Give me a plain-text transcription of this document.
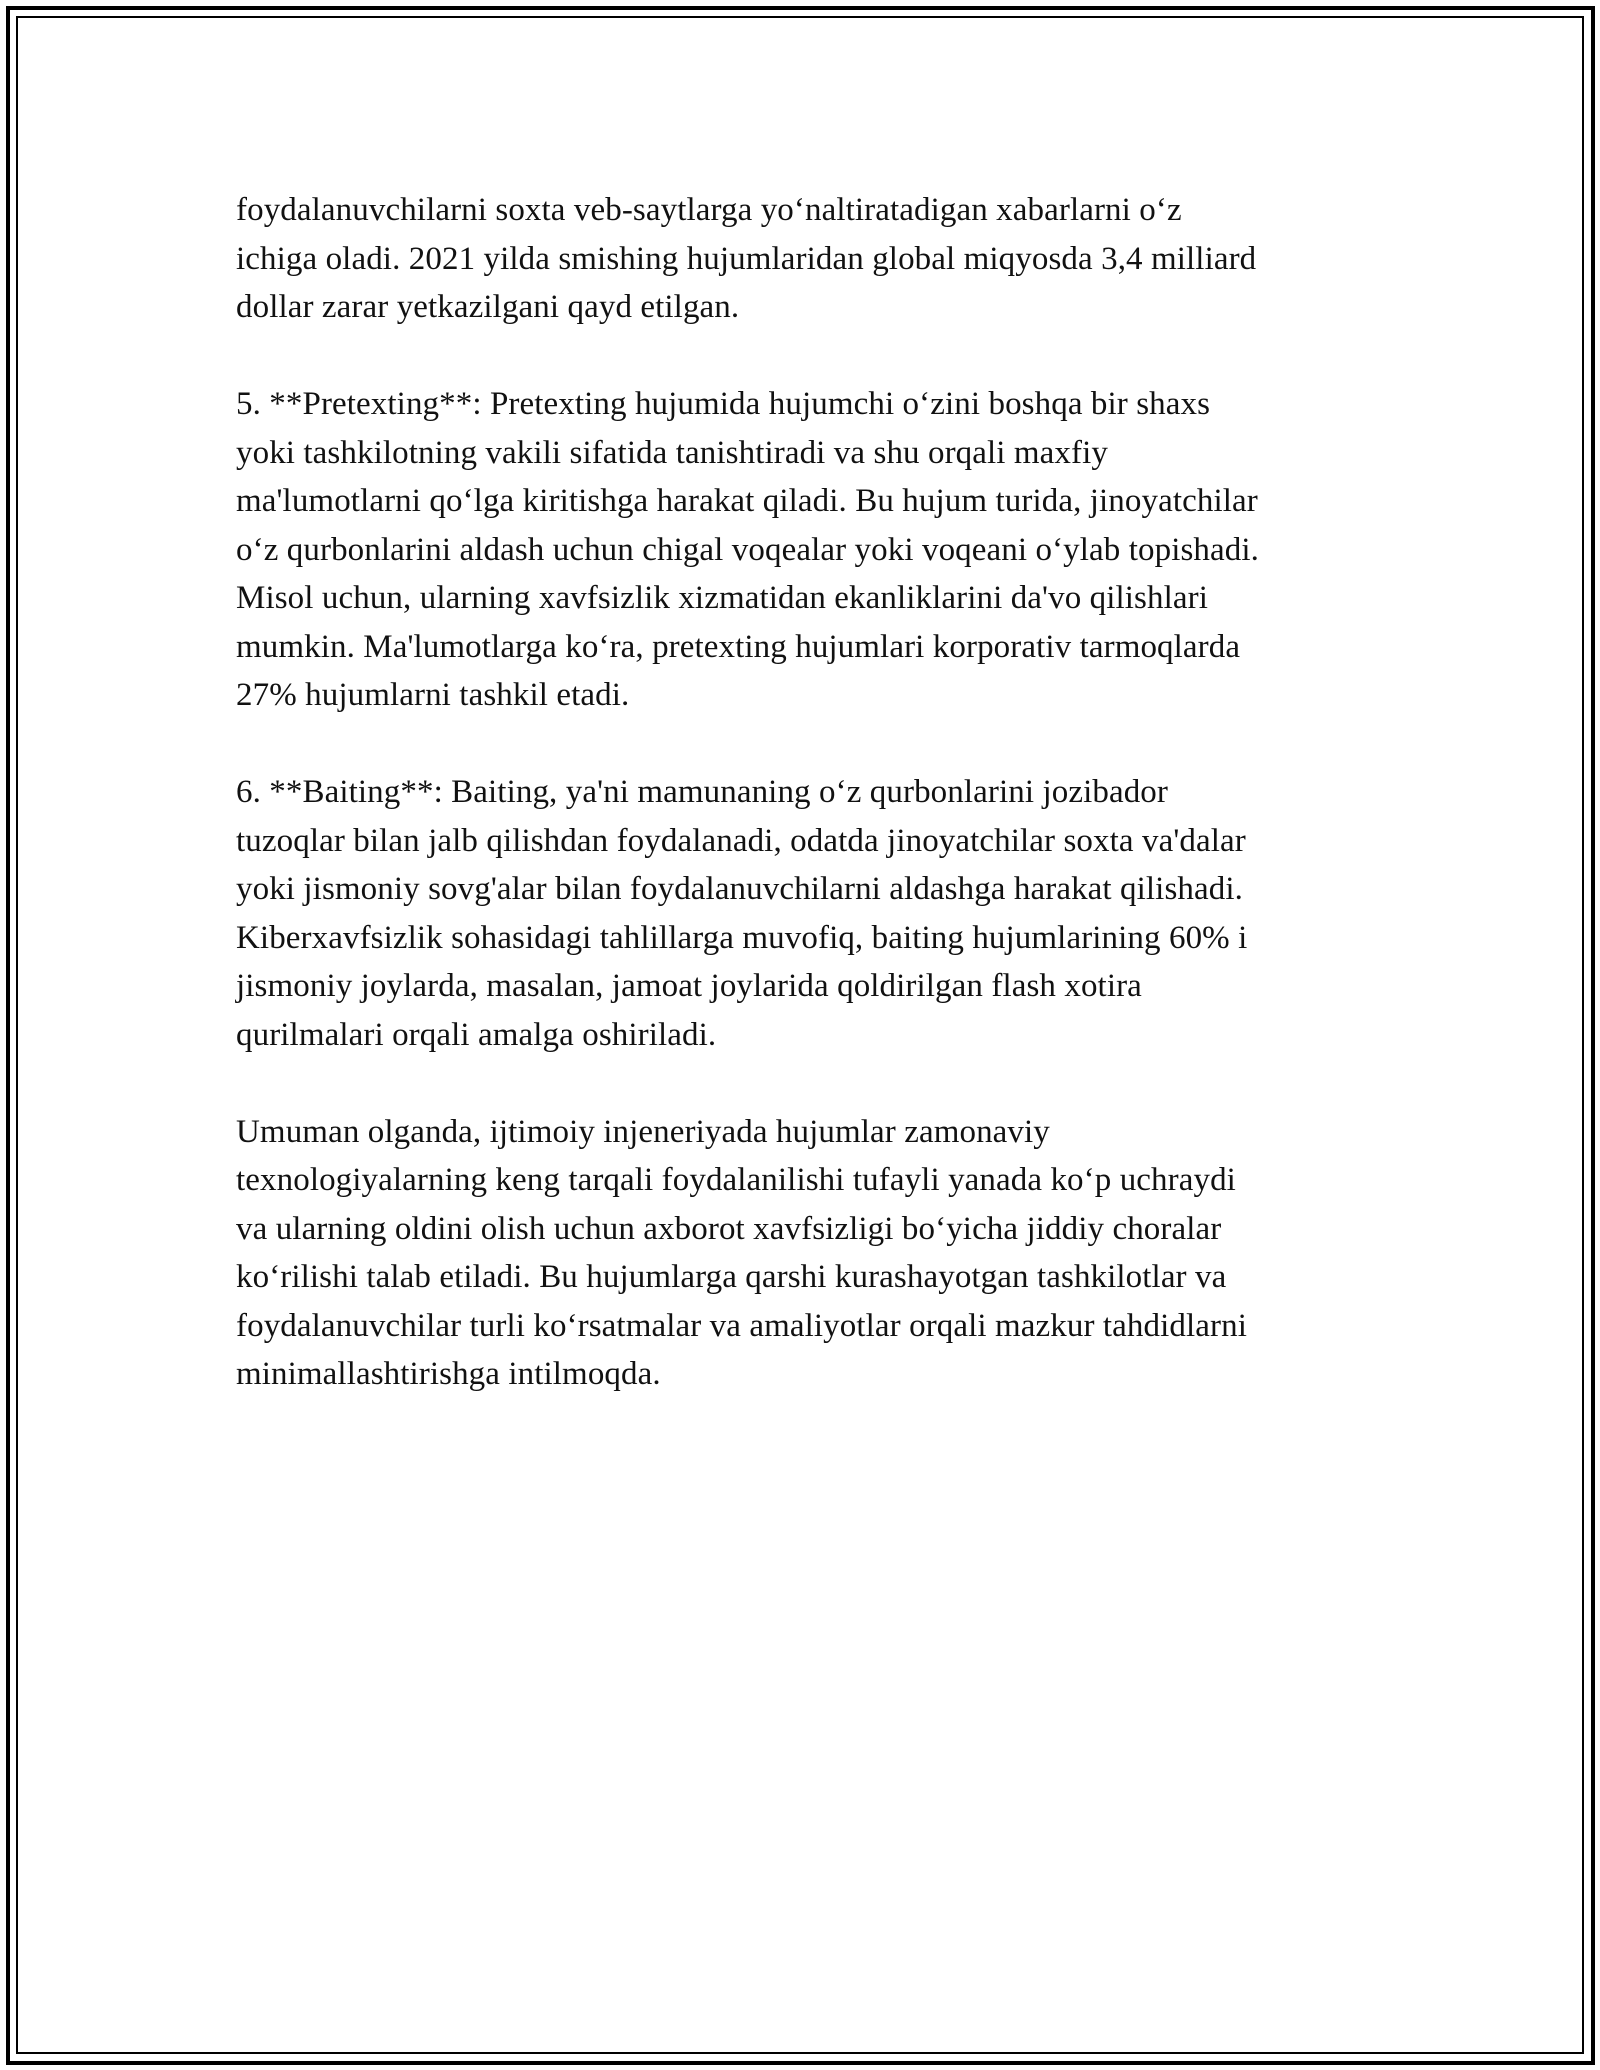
foydalanuvchilarni soxta veb-saytlarga yo‘naltiratadigan xabarlarni o‘z
ichiga oladi. 2021 yilda smishing hujumlaridan global miqyosda 3,4 milliard
dollar zarar yetkazilgani qayd etilgan.

5. **Pretexting**: Pretexting hujumida hujumchi o‘zini boshqa bir shaxs
yoki tashkilotning vakili sifatida tanishtiradi va shu orqali maxfiy
ma'lumotlarni qo‘lga kiritishga harakat qiladi. Bu hujum turida, jinoyatchilar
o‘z qurbonlarini aldash uchun chigal voqealar yoki voqeani o‘ylab topishadi.
Misol uchun, ularning xavfsizlik xizmatidan ekanliklarini da'vo qilishlari
mumkin. Ma'lumotlarga ko‘ra, pretexting hujumlari korporativ tarmoqlarda
27% hujumlarni tashkil etadi.

6. **Baiting**: Baiting, ya'ni mamunaning o‘z qurbonlarini jozibador
tuzoqlar bilan jalb qilishdan foydalanadi, odatda jinoyatchilar soxta va'dalar
yoki jismoniy sovg'alar bilan foydalanuvchilarni aldashga harakat qilishadi.
Kiberxavfsizlik sohasidagi tahlillarga muvofiq, baiting hujumlarining 60% i
jismoniy joylarda, masalan, jamoat joylarida qoldirilgan flash xotira
qurilmalari orqali amalga oshiriladi.

Umuman olganda, ijtimoiy injeneriyada hujumlar zamonaviy
texnologiyalarning keng tarqali foydalanilishi tufayli yanada ko‘p uchraydi
va ularning oldini olish uchun axborot xavfsizligi bo‘yicha jiddiy choralar
ko‘rilishi talab etiladi. Bu hujumlarga qarshi kurashayotgan tashkilotlar va
foydalanuvchilar turli ko‘rsatmalar va amaliyotlar orqali mazkur tahdidlarni
minimallashtirishga intilmoqda.
